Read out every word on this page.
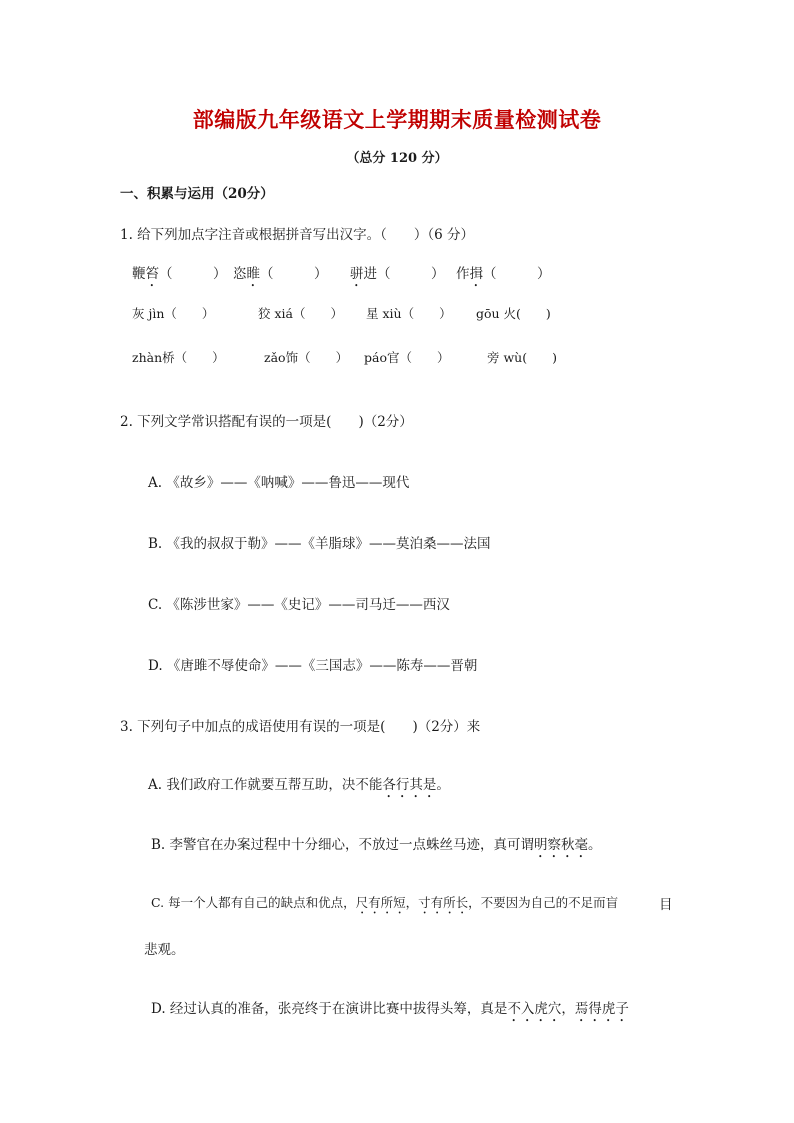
部编版九年级语文上学期期末质量检测试卷
（总分 120 分）
一、积累与运用（20分）
1. 给下列加点字注音或根据拼音写出汉字。（　　）（6 分）
鞭笞（　　　） 恣睢（　　　） 骈进（　　　） 作揖（　　　）
灰 jìn（　　）	狡 xiá（　　） 星 xiù（　　） gōu 火(　　)
zhàn桥（　　）	zǎo饰（　　） páo官（　　）	旁 wù(　　)
2. 下列文学常识搭配有误的一项是(　　)（2分）
A. 《故乡》——《呐喊》——鲁迅——现代
B. 《我的叔叔于勒》——《羊脂球》——莫泊桑——法国
C. 《陈涉世家》——《史记》——司马迁——西汉
D. 《唐雎不辱使命》——《三国志》——陈寿——晋朝
3. 下列句子中加点的成语使用有误的一项是(　　)（2分）来
A. 我们政府工作就要互帮互助，决不能各行其是。
B. 李警官在办案过程中十分细心，不放过一点蛛丝马迹，真可谓明察秋毫。
C. 每一个人都有自己的缺点和优点，尺有所短，寸有所长，不要因为自己的不足而盲	目
悲观。
D. 经过认真的准备，张亮终于在演讲比赛中拔得头筹，真是不入虎穴，焉得虎子
